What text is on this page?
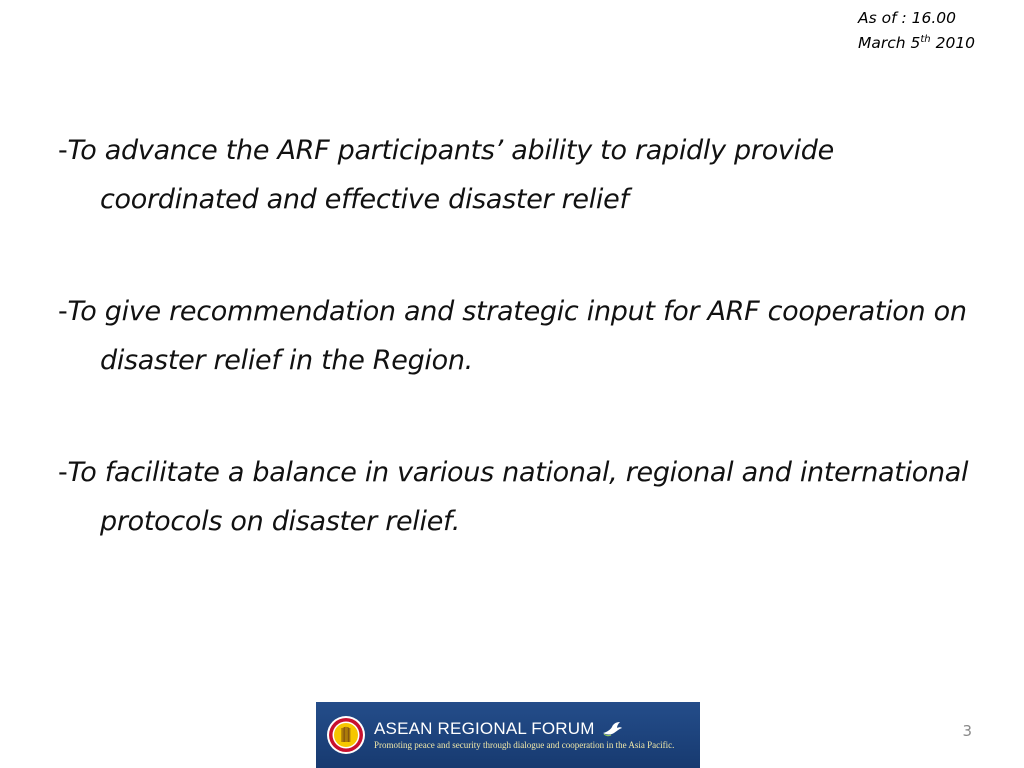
As of : 16.00
March 5th 2010

-To advance the ARF participants’ ability to rapidly provide coordinated and effective disaster relief

-To give recommendation and strategic input for ARF cooperation on disaster relief in the Region.

-To facilitate a balance in various national, regional and international protocols on disaster relief.

ASEAN REGIONAL FORUM
Promoting peace and security through dialogue and cooperation in the Asia Pacific.
3
